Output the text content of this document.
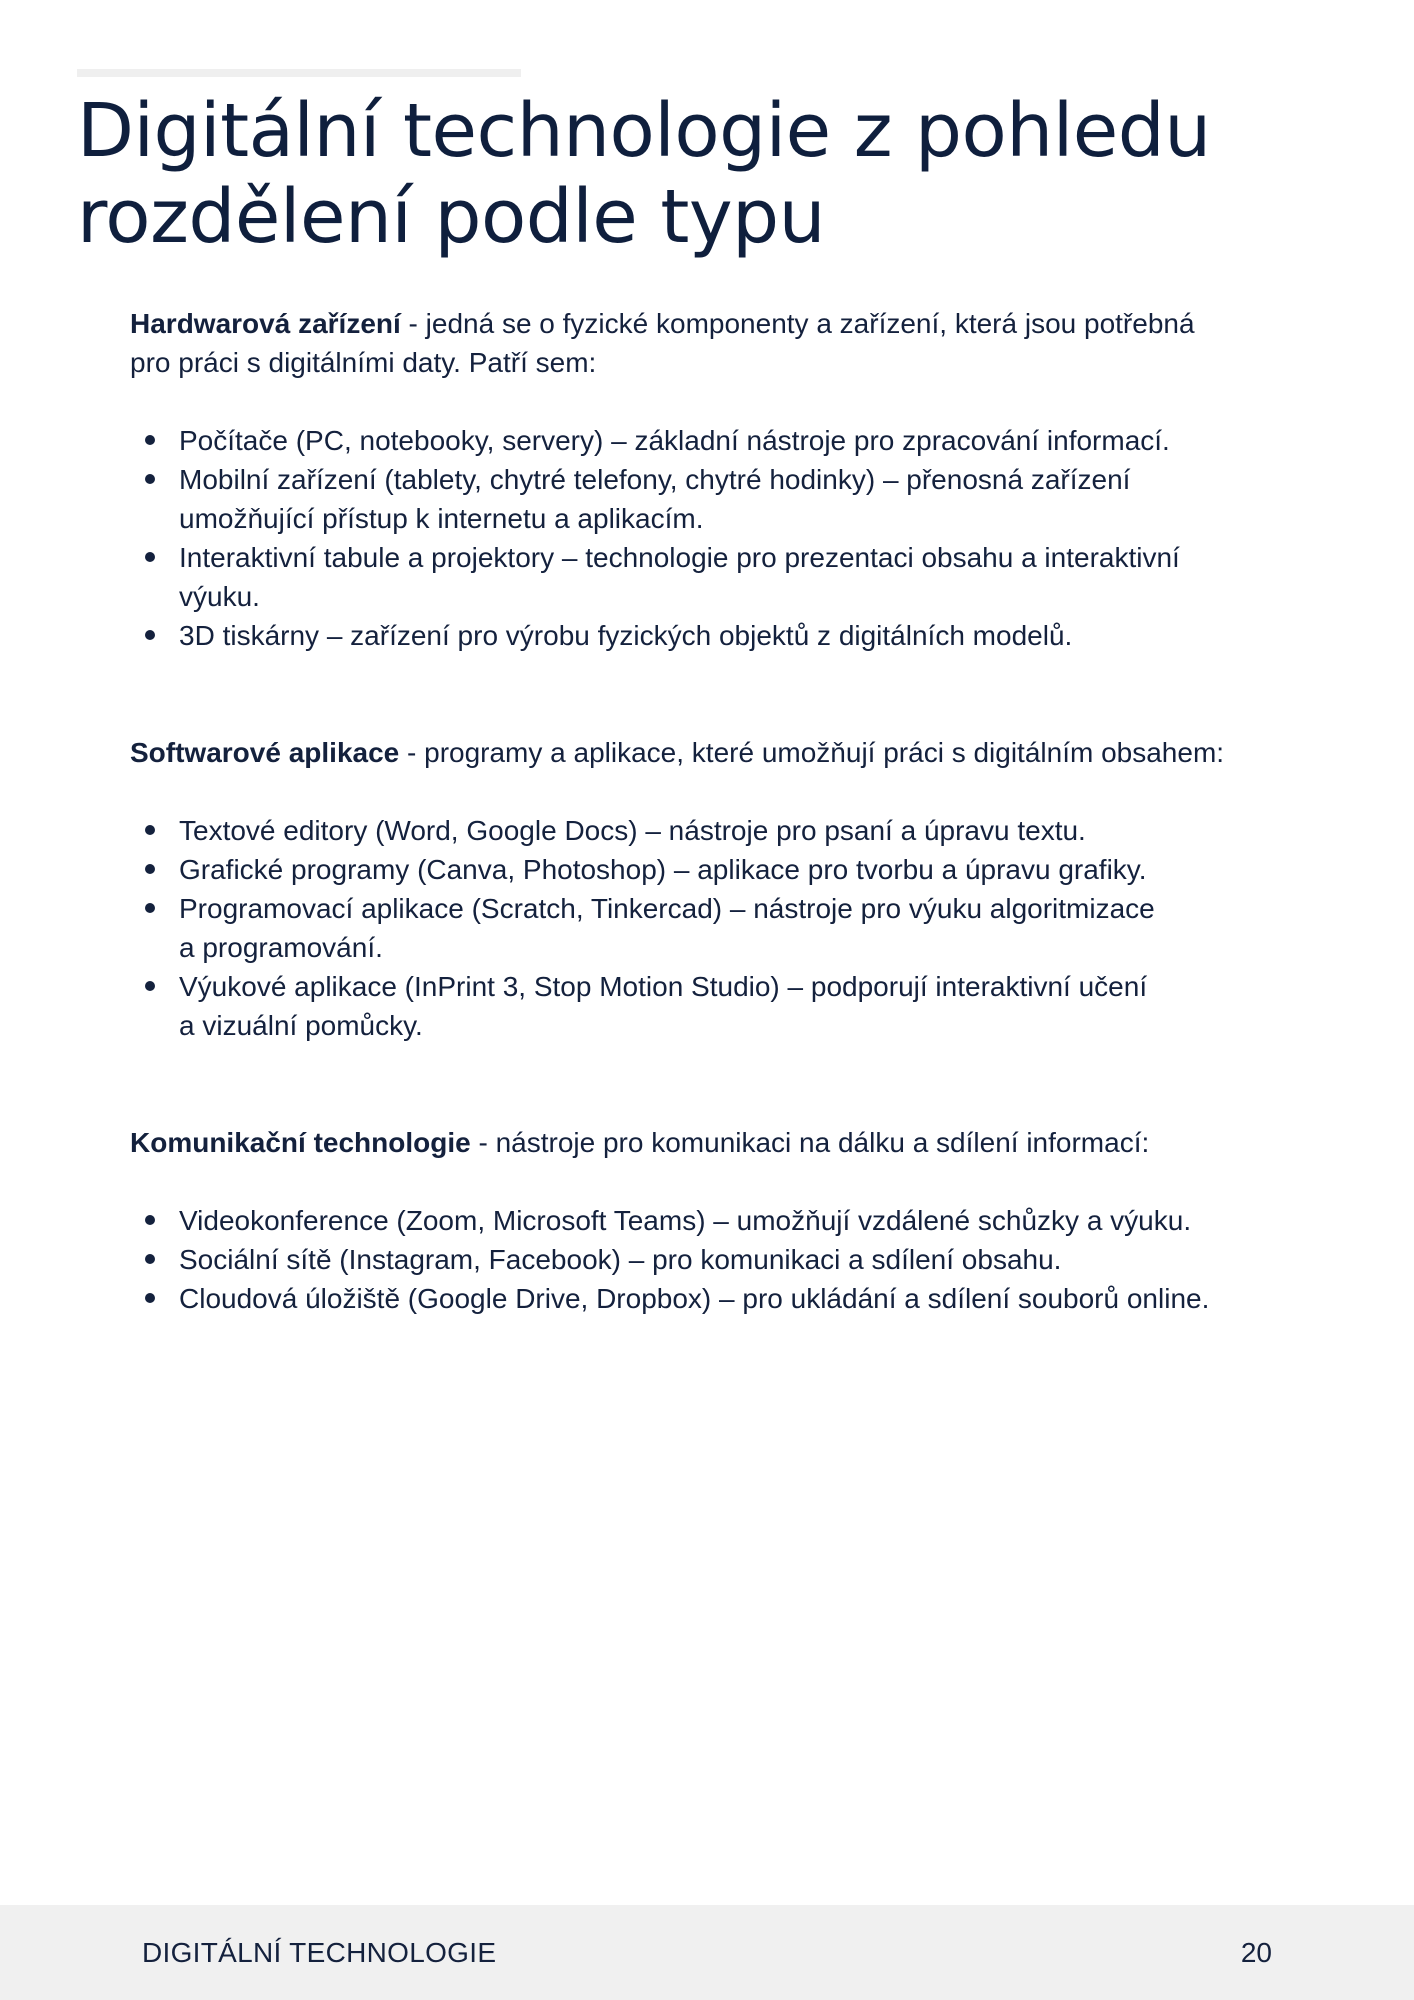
Digitální technologie z pohledu
rozdělení podle typu

Hardwarová zařízení - jedná se o fyzické komponenty a zařízení, která jsou potřebná
pro práci s digitálními daty. Patří sem:

Počítače (PC, notebooky, servery) – základní nástroje pro zpracování informací.
Mobilní zařízení (tablety, chytré telefony, chytré hodinky) – přenosná zařízení
umožňující přístup k internetu a aplikacím.
Interaktivní tabule a projektory – technologie pro prezentaci obsahu a interaktivní
výuku.
3D tiskárny – zařízení pro výrobu fyzických objektů z digitálních modelů.

Softwarové aplikace - programy a aplikace, které umožňují práci s digitálním obsahem:

Textové editory (Word, Google Docs) – nástroje pro psaní a úpravu textu.
Grafické programy (Canva, Photoshop) – aplikace pro tvorbu a úpravu grafiky.
Programovací aplikace (Scratch, Tinkercad) – nástroje pro výuku algoritmizace
a programování.
Výukové aplikace (InPrint 3, Stop Motion Studio) – podporují interaktivní učení
a vizuální pomůcky.

Komunikační technologie - nástroje pro komunikaci na dálku a sdílení informací:

Videokonference (Zoom, Microsoft Teams) – umožňují vzdálené schůzky a výuku.
Sociální sítě (Instagram, Facebook) – pro komunikaci a sdílení obsahu.
Cloudová úložiště (Google Drive, Dropbox) – pro ukládání a sdílení souborů online.
DIGITÁLNÍ TECHNOLOGIE	20
